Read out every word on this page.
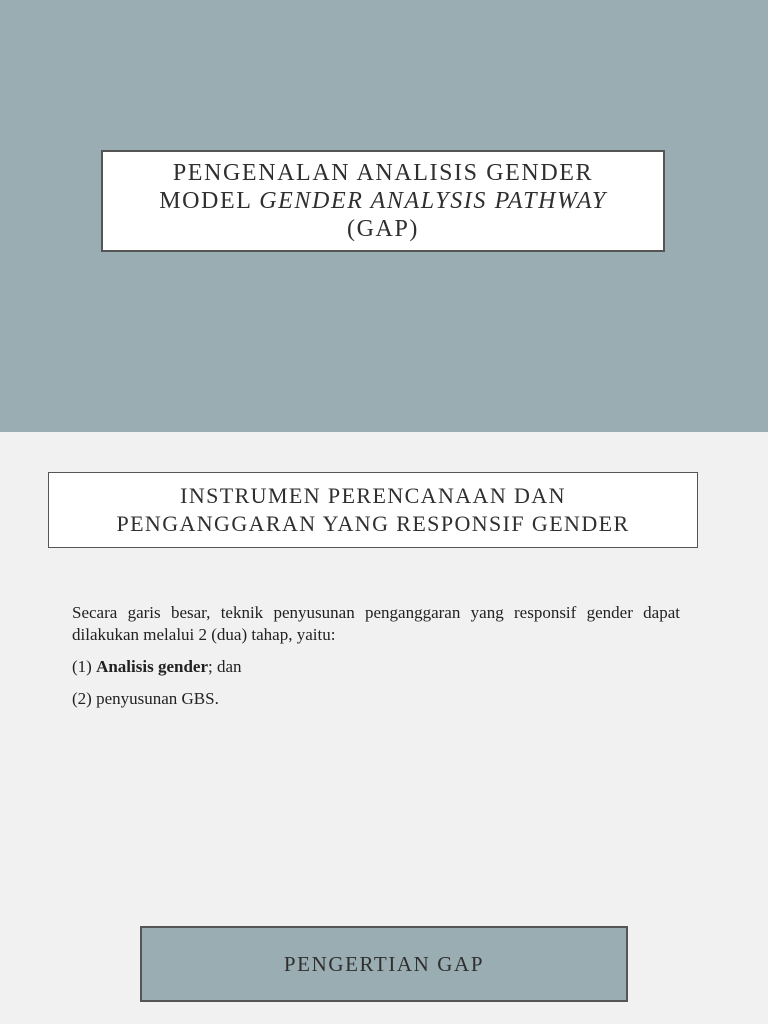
PENGENALAN ANALISIS GENDER
MODEL GENDER ANALYSIS PATHWAY
(GAP)
INSTRUMEN PERENCANAAN DAN
PENGANGGARAN YANG RESPONSIF GENDER

Secara garis besar, teknik penyusunan penganggaran yang responsif gender dapat dilakukan melalui 2 (dua) tahap, yaitu:

(1) Analisis gender; dan

(2) penyusunan GBS.

PENGERTIAN GAP
